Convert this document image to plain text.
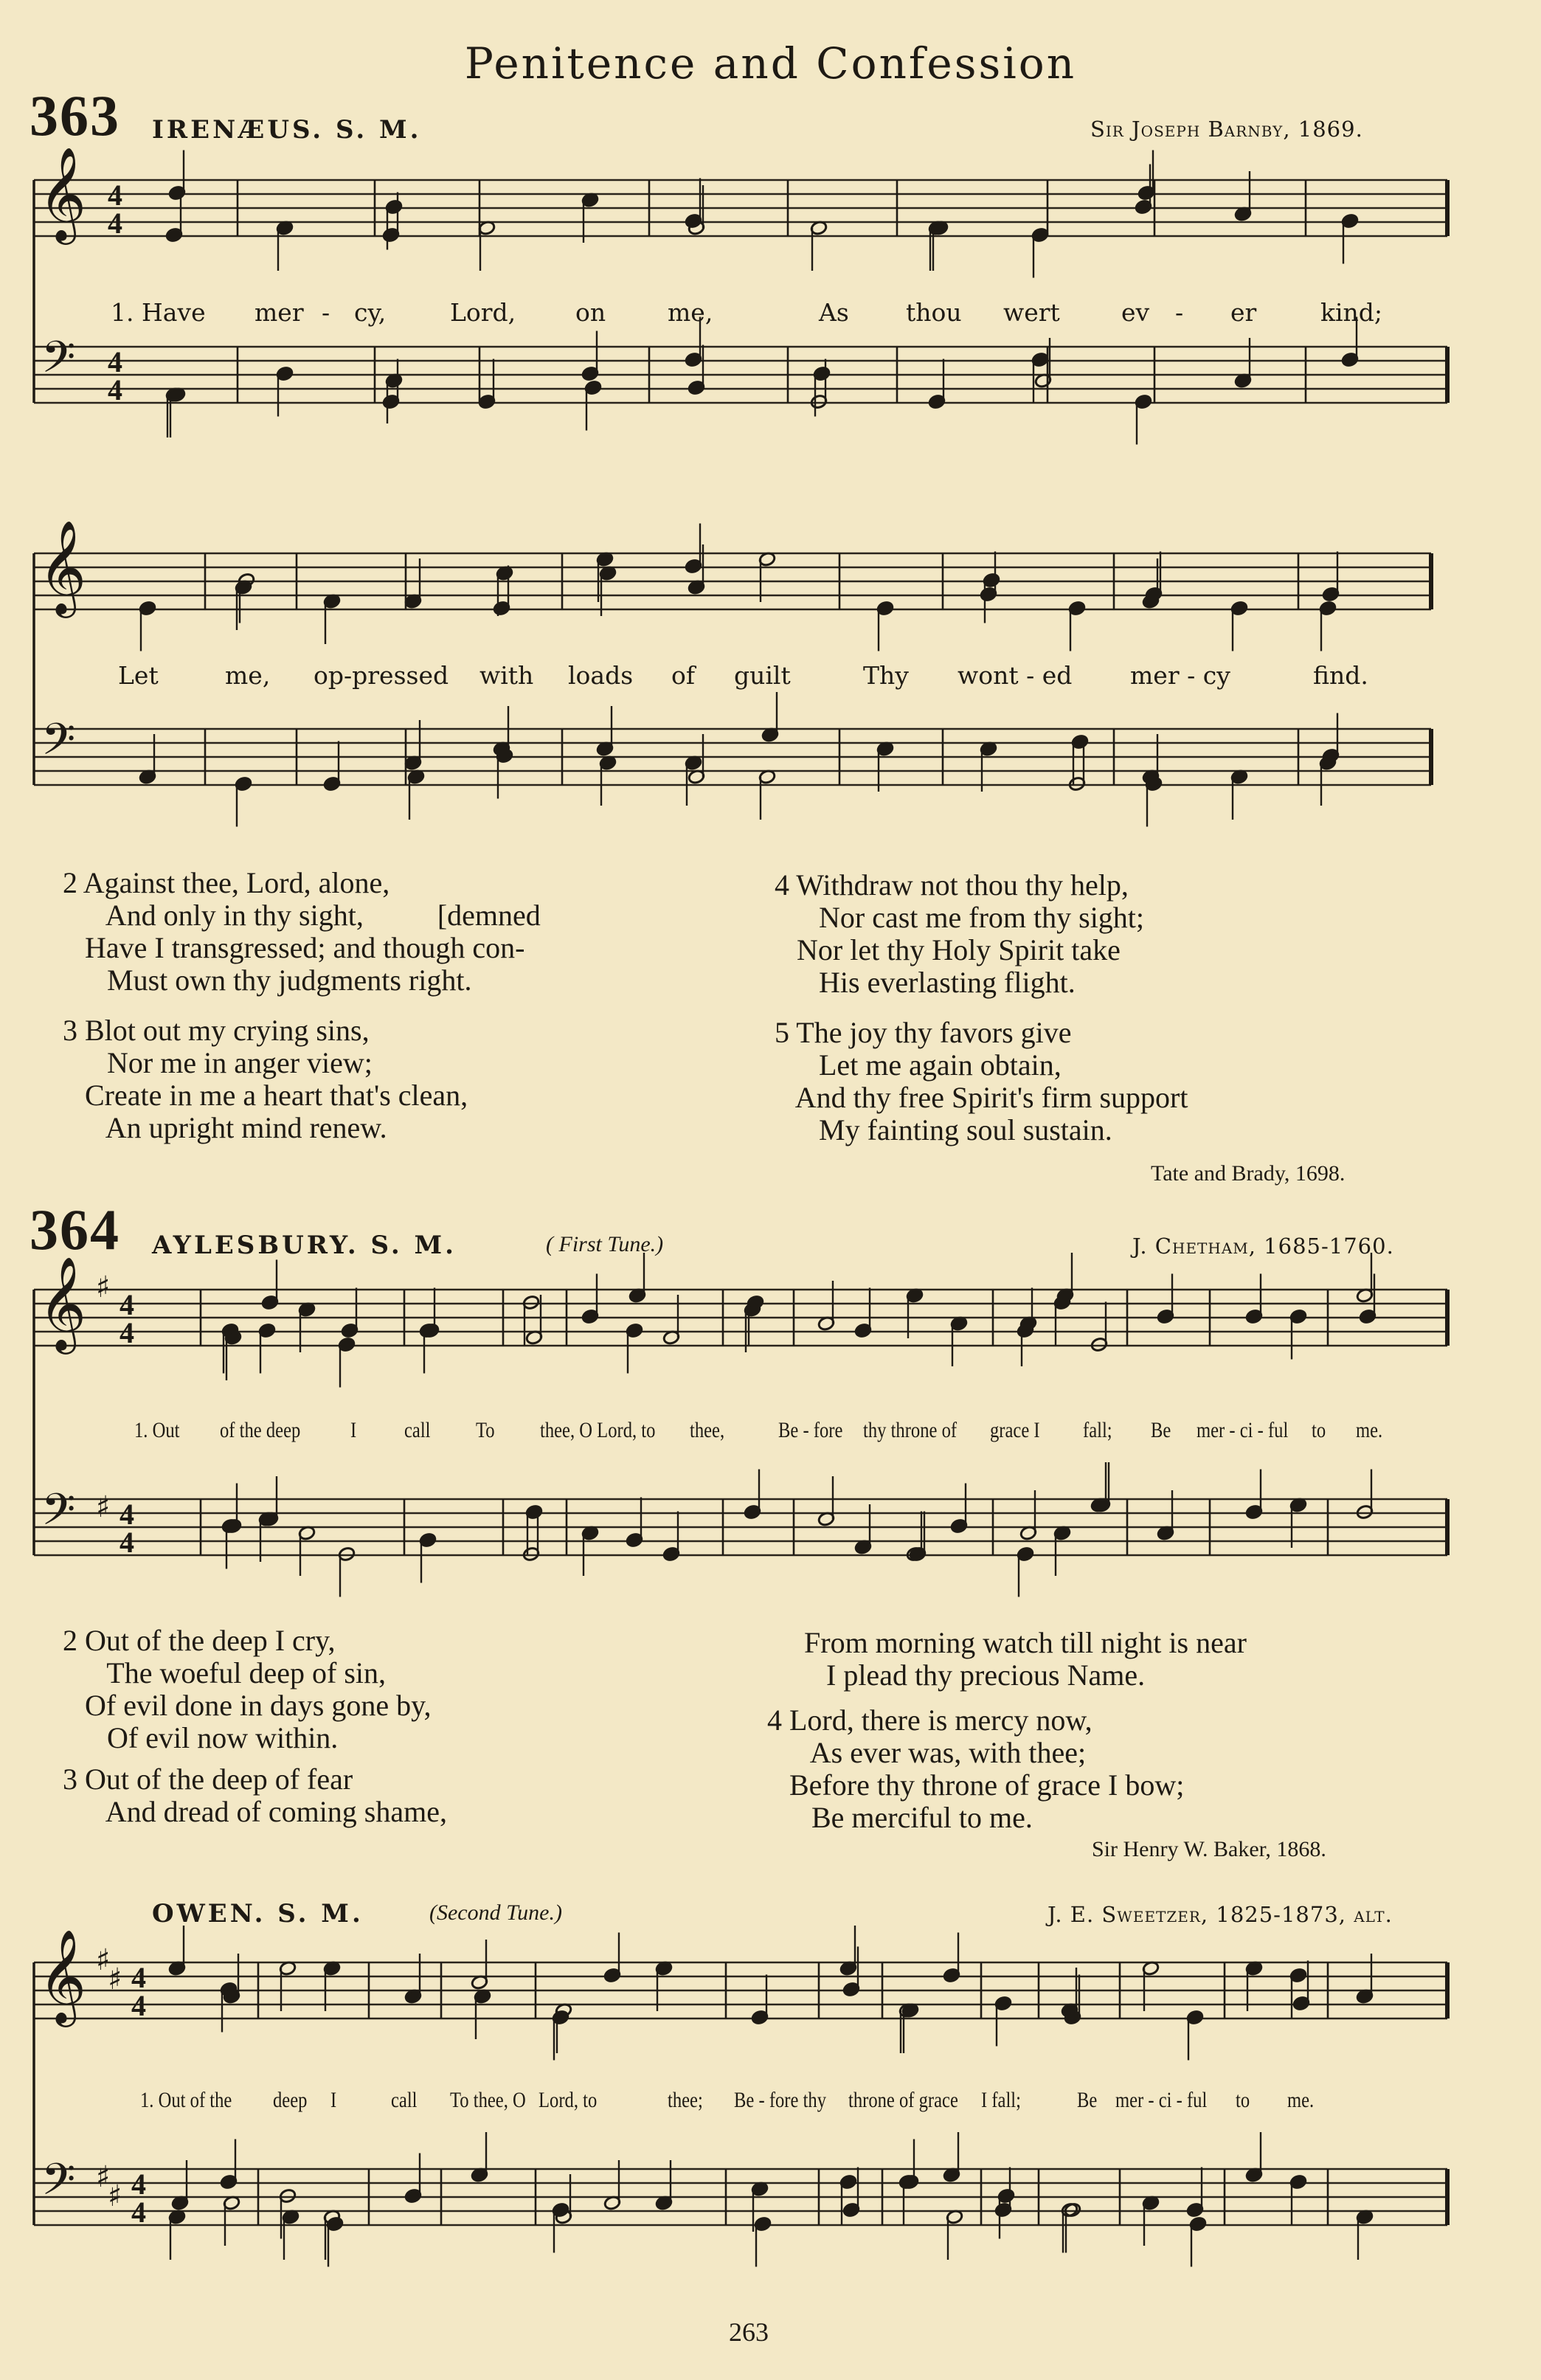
Penitence and Confession
363 IRENÆUS. S. M.	Sir Joseph Barnby, 1869.
𝄞
𝄢
4
4
4
4
1. Have mer - cy,	Lord, on	me,	As thou wert	ev - er	kind;
𝄞
𝄢
Let	me, op-pressed with loads of guilt	Thy wont - ed mer - cy	find.
2 Against thee, Lord, alone,
And only in thy sight,          [demned
Have I transgressed; and though con-
Must own thy judgments right.
3 Blot out my crying sins,
Nor me in anger view;
Create in me a heart that's clean,
An upright mind renew.
4 Withdraw not thou thy help,
Nor cast me from thy sight;
Nor let thy Holy Spirit take
His everlasting flight.
5 The joy thy favors give
Let me again obtain,
And thy free Spirit's firm support
My fainting soul sustain.
Tate and Brady, 1698.
364 AYLESBURY. S. M.	( First Tune.)	J. Chetham, 1685-1760.
𝄞
𝄢
♯
♯
4
4
4
4
1. Out of the deep I call To thee, O Lord, to thee, Be - fore thy throne of grace I fall; Be mer - ci - ful to me.
2 Out of the deep I cry,
The woeful deep of sin,
Of evil done in days gone by,
Of evil now within.
3 Out of the deep of fear
And dread of coming shame,
From morning watch till night is near
I plead thy precious Name.
4 Lord, there is mercy now,
As ever was, with thee;
Before thy throne of grace I bow;
Be merciful to me.
Sir Henry W. Baker, 1868.
OWEN. S. M.	(Second Tune.)	J. E. Sweetzer, 1825-1873, alt.
𝄞
𝄢
♯
♯
♯
♯
4
4
4
4
1. Out of the deep I call To thee, O Lord, to	thee; Be - fore thy throne of grace I fall;	Be mer - ci - ful to me.
263
